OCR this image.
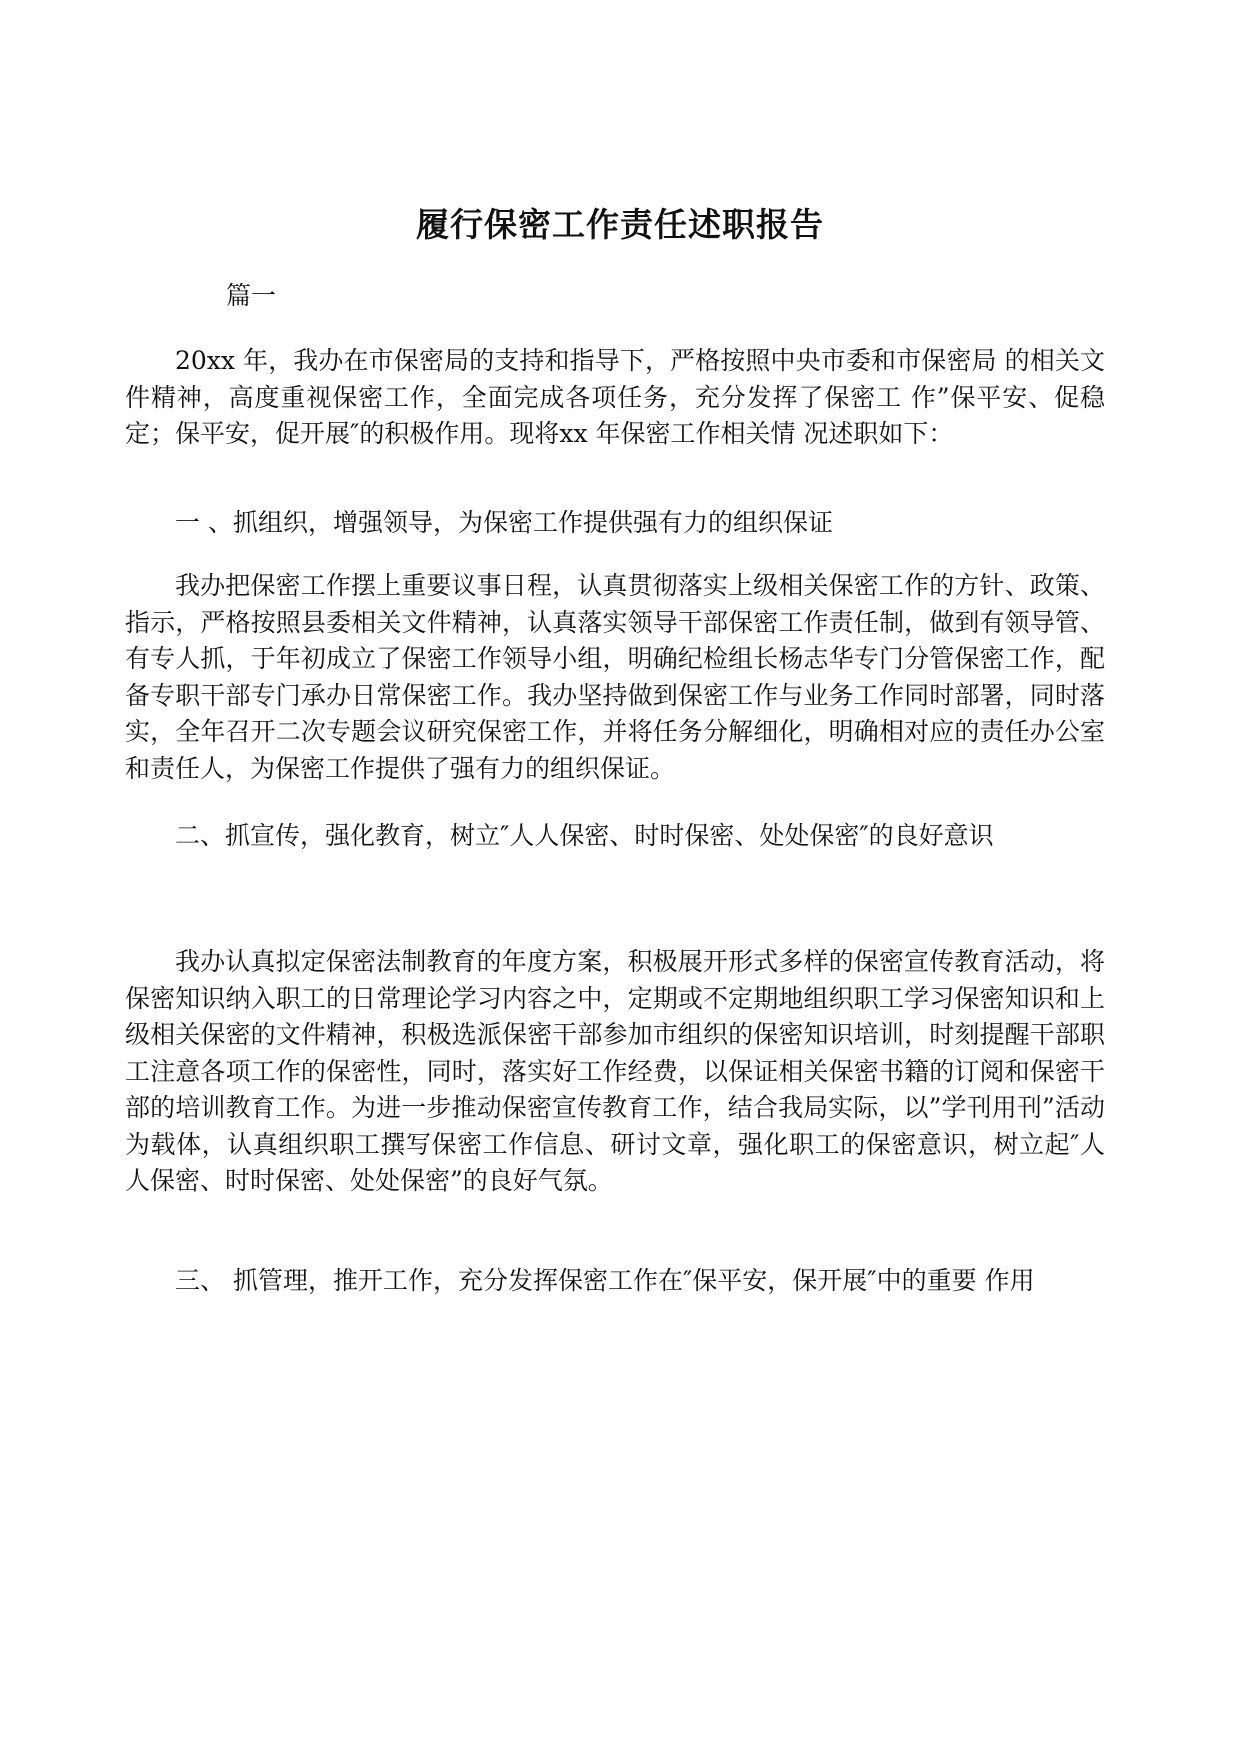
履行保密工作责任述职报告
篇一

20xx 年，我办在市保密局的支持和指导下，严格按照中央市委和市保密局 的相关文件精神，高度重视保密工作，全面完成各项任务，充分发挥了保密工 作”保平安、促稳定；保平安，促开展″的积极作用。现将xx 年保密工作相关情 况述职如下：

一 、抓组织，增强领导，为保密工作提供强有力的组织保证

我办把保密工作摆上重要议事日程，认真贯彻落实上级相关保密工作的方针、政策、指示，严格按照县委相关文件精神，认真落实领导干部保密工作责任制，做到有领导管、有专人抓，于年初成立了保密工作领导小组，明确纪检组长杨志华专门分管保密工作，配备专职干部专门承办日常保密工作。我办坚持做到保密工作与业务工作同时部署，同时落实，全年召开二次专题会议研究保密工作，并将任务分解细化，明确相对应的责任办公室和责任人，为保密工作提供了强有力的组织保证。

二、抓宣传，强化教育，树立″人人保密、时时保密、处处保密″的良好意识

我办认真拟定保密法制教育的年度方案，积极展开形式多样的保密宣传教育活动，将保密知识纳入职工的日常理论学习内容之中，定期或不定期地组织职工学习保密知识和上级相关保密的文件精神，积极选派保密干部参加市组织的保密知识培训，时刻提醒干部职工注意各项工作的保密性，同时，落实好工作经费，以保证相关保密书籍的订阅和保密干部的培训教育工作。为进一步推动保密宣传教育工作，结合我局实际，以”学刊用刊”活动为载体，认真组织职工撰写保密工作信息、研讨文章，强化职工的保密意识，树立起″人人保密、时时保密、处处保密”的良好气氛。

三、 抓管理，推开工作，充分发挥保密工作在″保平安，保开展″中的重要 作用
